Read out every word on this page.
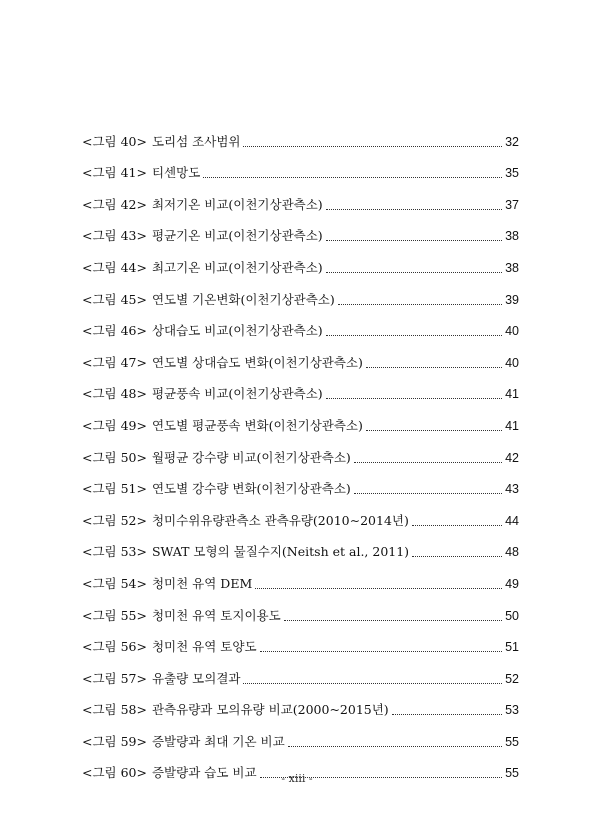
<그림 40> 도리섬 조사범위	32
<그림 41> 티센망도	35
<그림 42> 최저기온 비교(이천기상관측소)	37
<그림 43> 평균기온 비교(이천기상관측소)	38
<그림 44> 최고기온 비교(이천기상관측소)	38
<그림 45> 연도별 기온변화(이천기상관측소)	39
<그림 46> 상대습도 비교(이천기상관측소)	40
<그림 47> 연도별 상대습도 변화(이천기상관측소)	40
<그림 48> 평균풍속 비교(이천기상관측소)	41
<그림 49> 연도별 평균풍속 변화(이천기상관측소)	41
<그림 50> 월평균 강수량 비교(이천기상관측소)	42
<그림 51> 연도별 강수량 변화(이천기상관측소)	43
<그림 52> 청미수위유량관측소 관측유량(2010∼2014년)	44
<그림 53> SWAT 모형의 물질수지(Neitsh et al., 2011)	48
<그림 54> 청미천 유역 DEM	49
<그림 55> 청미천 유역 토지이용도	50
<그림 56> 청미천 유역 토양도	51
<그림 57> 유출량 모의결과	52
<그림 58> 관측유량과 모의유량 비교(2000~2015년)	53
<그림 59> 증발량과 최대 기온 비교	55
<그림 60> 증발량과 습도 비교	55
- xiii -
